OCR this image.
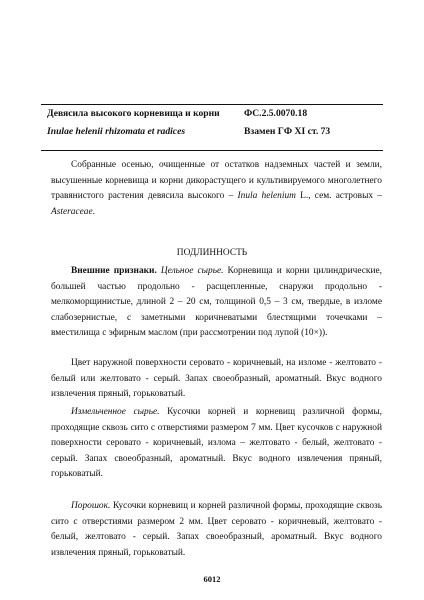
Девясила высокого корневища и корни	ФС.2.5.0070.18
Inulae helenii rhizomata et radices	Взамен ГФ XI ст. 73

Собранные осенью, очищенные от остатков надземных частей и земли, высушенные корневища и корни дикорастущего и культивируемого многолетнего травянистого растения девясила высокого – Inula helenium L., сем. астровых – Asteraceae.

ПОДЛИННОСТЬ

Внешние признаки. Цельное сырье. Корневища и корни цилиндрические, большей частью продольно - расщепленные, снаружи продольно - мелкоморщинистые, длиной 2 – 20 см, толщиной 0,5 – 3 см, твердые, в изломе слабозернистые, с заметными коричневатыми блестящими точечками – вместилища с эфирным маслом (при рассмотрении под лупой (10×)).

Цвет наружной поверхности серовато - коричневый, на изломе - желтовато - белый или желтовато - серый. Запах своеобразный, ароматный. Вкус водного извлечения пряный, горьковатый.

Измельченное сырье. Кусочки корней и корневищ различной формы, проходящие сквозь сито с отверстиями размером 7 мм. Цвет кусочков с наружной поверхности серовато - коричневый, излома – желтовато - белый, желтовато - серый. Запах своеобразный, ароматный. Вкус водного извлечения пряный, горьковатый.

Порошок. Кусочки корневищ и корней различной формы, проходящие сквозь сито с отверстиями размером 2 мм. Цвет серовато - коричневый, желтовато - белый, желтовато - серый. Запах своеобразный, ароматный. Вкус водного извлечения пряный, горьковатый.

6012
